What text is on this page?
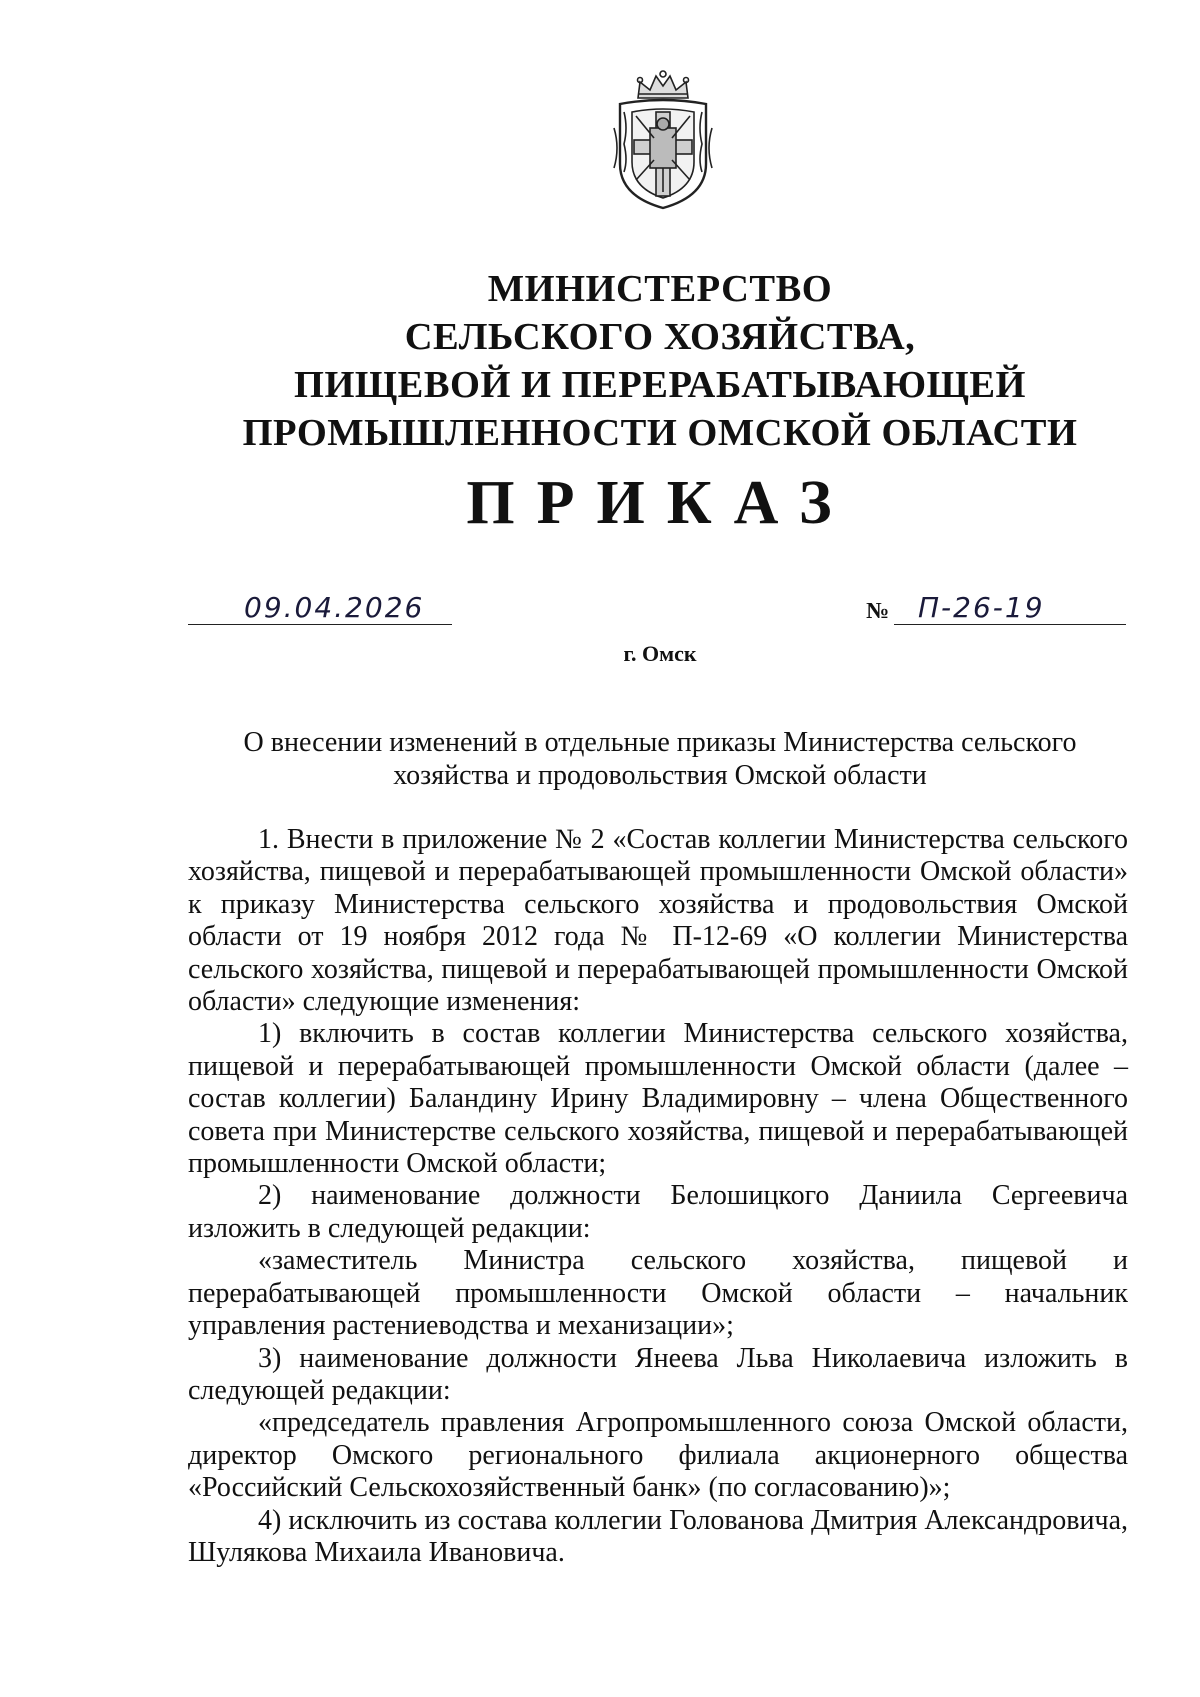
МИНИСТЕРСТВО
СЕЛЬСКОГО ХОЗЯЙСТВА,
ПИЩЕВОЙ И ПЕРЕРАБАТЫВАЮЩЕЙ
ПРОМЫШЛЕННОСТИ ОМСКОЙ ОБЛАСТИ
ПРИКАЗ
09.04.2026	№ П-26-19
г. Омск
О внесении изменений в отдельные приказы Министерства сельского
хозяйства и продовольствия Омской области

1. Внести в приложение № 2 «Состав коллегии Министерства сельского хозяйства, пищевой и перерабатывающей промышленности Омской области» к приказу Министерства сельского хозяйства и продовольствия Омской области от 19 ноября 2012 года № П-12-69 «О коллегии Министерства сельского хозяйства, пищевой и перерабатывающей промышленности Омской области» следующие изменения:

1) включить в состав коллегии Министерства сельского хозяйства, пищевой и перерабатывающей промышленности Омской области (далее – состав коллегии) Баландину Ирину Владимировну – члена Общественного совета при Министерстве сельского хозяйства, пищевой и перерабатывающей промышленности Омской области;

2) наименование должности Белошицкого Даниила Сергеевича изложить в следующей редакции:

«заместитель Министра сельского хозяйства, пищевой и перерабатывающей промышленности Омской области – начальник управления растениеводства и механизации»;

3) наименование должности Янеева Льва Николаевича изложить в следующей редакции:

«председатель правления Агропромышленного союза Омской области, директор Омского регионального филиала акционерного общества «Российский Сельскохозяйственный банк» (по согласованию)»;

4) исключить из состава коллегии Голованова Дмитрия Александровича, Шулякова Михаила Ивановича.
